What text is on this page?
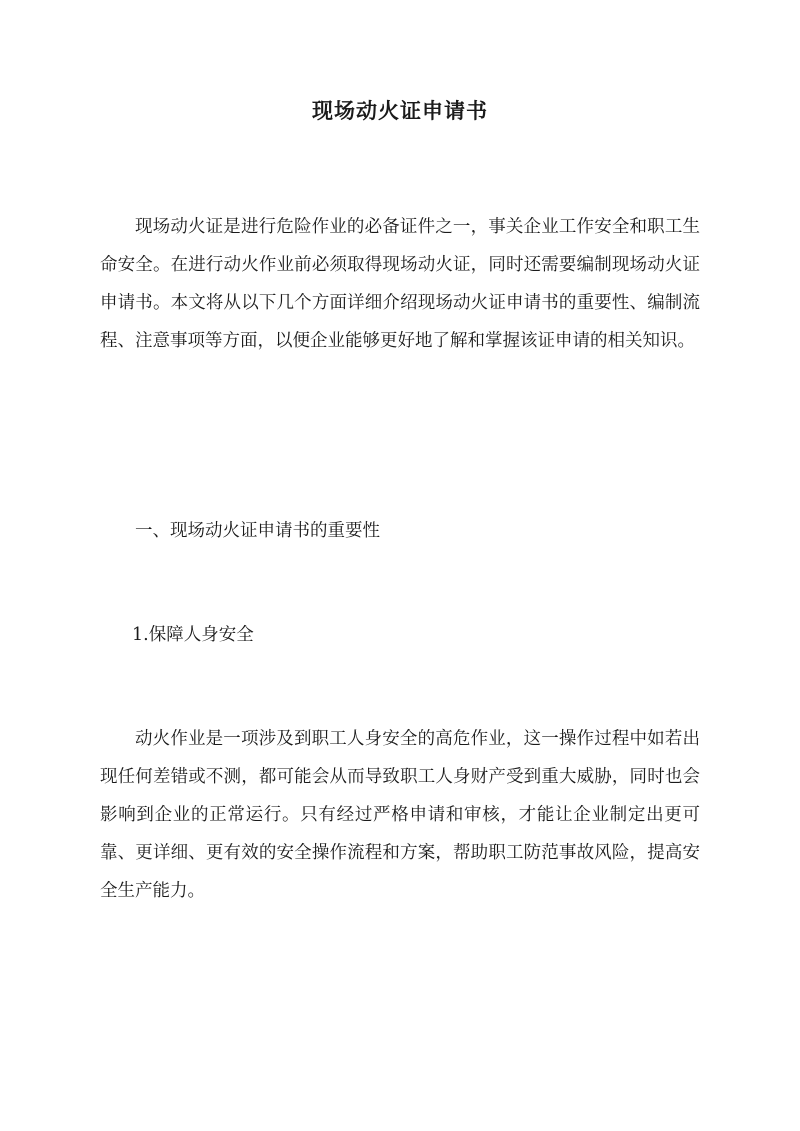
现场动火证申请书

现场动火证是进行危险作业的必备证件之一，事关企业工作安全和职工生命安全。在进行动火作业前必须取得现场动火证，同时还需要编制现场动火证申请书。本文将从以下几个方面详细介绍现场动火证申请书的重要性、编制流程、注意事项等方面，以便企业能够更好地了解和掌握该证申请的相关知识。

一、现场动火证申请书的重要性

1.保障人身安全

动火作业是一项涉及到职工人身安全的高危作业，这一操作过程中如若出现任何差错或不测，都可能会从而导致职工人身财产受到重大威胁，同时也会影响到企业的正常运行。只有经过严格申请和审核，才能让企业制定出更可靠、更详细、更有效的安全操作流程和方案，帮助职工防范事故风险，提高安全生产能力。
